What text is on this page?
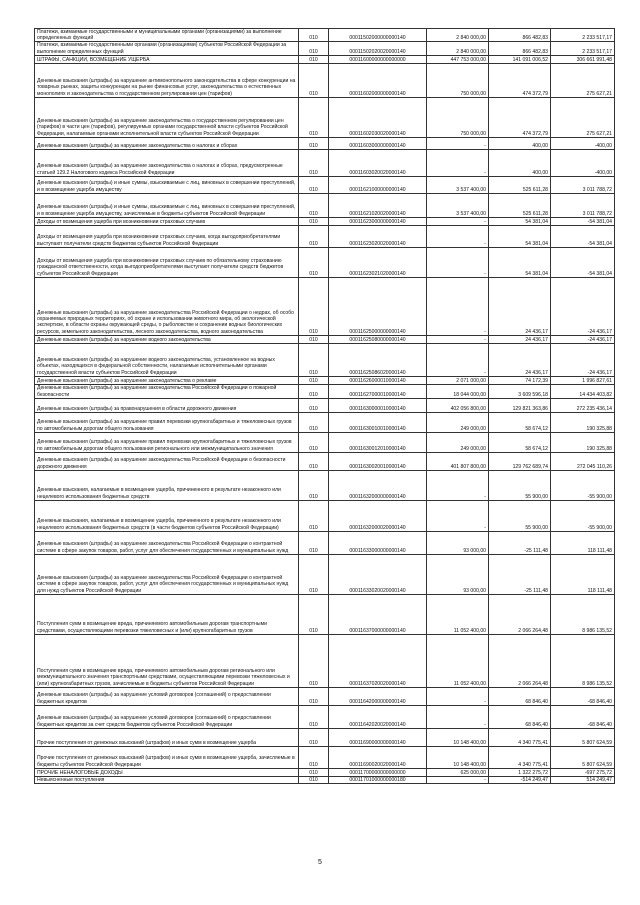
Платежи, взимаемые государственными и муниципальными органами (организациями) за выполнение определенных функций	010	00011502000000000140	2 840 000,00	866 482,83	2 233 517,17
Платежи, взимаемые государственными органами (организациями) субъектов Российской Федерации за выполнение определенных функций	010	00011502020020000140	2 840 000,00	866 482,83	2 233 517,17
ШТРАФЫ, САНКЦИИ, ВОЗМЕЩЕНИЕ УЩЕРБА	010	00011600000000000000	447 753 000,00	141 091 006,52	306 661 991,48
Денежные взыскания (штрафы) за нарушение антимонопольного законодательства в сфере конкуренции на товарных рынках, защиты конкуренции на рынке финансовых услуг, законодательства о естественных монополиях и законодательства о государственном регулировании цен (тарифов)	010	00011602000000000140	750 000,00	474 372,79	275 627,21
Денежные взыскания (штрафы) за нарушение законодательства о государственном регулировании цен (тарифов) в части цен (тарифов), регулируемых органами государственной власти субъектов Российской Федерации, налагаемые органами исполнительной власти субъектов Российской Федерации	010	00011602030020000140	750 000,00	474 372,79	275 627,21
Денежные взыскания (штрафы) за нарушение законодательства о налогах и сборах	010	00011603000000000140	-	400,00	-400,00
Денежные взыскания (штрафы) за нарушение законодательства о налогах и сборах, предусмотренные статьей 129.2 Налогового кодекса Российской Федерации	010	00011603020020000140	-	400,00	-400,00
Денежные взыскания (штрафы) и иные суммы, взыскиваемые с лиц, виновных в совершении преступлений, и в возмещение ущерба имуществу	010	00011621000000000140	3 537 400,00	525 611,28	3 011 788,72
Денежные взыскания (штрафы) и иные суммы, взыскиваемые с лиц, виновных в совершении преступлений, и в возмещение ущерба имуществу, зачисляемые в бюджеты субъектов Российской Федерации	010	00011621020020000140	3 537 400,00	525 611,28	3 011 788,72
Доходы от возмещения ущерба при возникновении страховых случаев	010	00011623000000000140	-	54 381,04	-54 381,04
Доходы от возмещения ущерба при возникновении страховых случаев, когда выгодоприобретателями выступают получатели средств бюджетов субъектов Российской Федерации	010	00011623020020000140	-	54 381,04	-54 381,04
Доходы от возмещения ущерба при возникновении страховых случаев по обязательному страхованию гражданской ответственности, когда выгодоприобретателями выступают получатели средств бюджетов субъектов Российской Федерации	010	00011623021020000140	-	54 381,04	-54 381,04
Денежные взыскания (штрафы) за нарушение законодательства Российской Федерации о недрах, об особо охраняемых природных территориях, об охране и использовании животного мира, об экологической экспертизе, в области охраны окружающей среды, о рыболовстве и сохранении водных биологических ресурсов, земельного законодательства, лесного законодательства, водного законодательства	010	00011625000000000140	-	24 436,17	-24 436,17
Денежные взыскания (штрафы) за нарушение водного законодательства	010	00011625080000000140	-	24 436,17	-24 436,17
Денежные взыскания (штрафы) за нарушение водного законодательства, установленное на водных объектах, находящихся в федеральной собственности, налагаемые исполнительными органами государственной власти субъектов Российской Федерации	010	00011625086020000140	-	24 436,17	-24 436,17
Денежные взыскания (штрафы) за нарушение законодательства о рекламе	010	00011626000010000140	2 071 000,00	74 172,39	1 996 827,61
Денежные взыскания (штрафы) за нарушение законодательства Российской Федерации о пожарной безопасности	010	00011627000010000140	18 044 000,00	3 609 596,18	14 434 403,82
Денежные взыскания (штрафы) за правонарушения в области дорожного движения	010	00011630000010000140	402 056 800,00	129 821 363,86	272 235 436,14
Денежные взыскания (штрафы) за нарушение правил перевозки крупногабаритных и тяжеловесных грузов по автомобильным дорогам общего пользования	010	00011630010010000140	249 000,00	58 674,12	190 325,88
Денежные взыскания (штрафы) за нарушение правил перевозки крупногабаритных и тяжеловесных грузов по автомобильным дорогам общего пользования регионального или межмуниципального значения	010	00011630012010000140	249 000,00	58 674,12	190 325,88
Денежные взыскания (штрафы) за нарушение законодательства Российской Федерации о безопасности дорожного движения	010	00011630020010000140	401 807 800,00	129 762 689,74	272 045 110,26
Денежные взыскания, налагаемые в возмещение ущерба, причиненного в результате незаконного или нецелевого использования бюджетных средств	010	00011632000000000140	-	55 900,00	-55 900,00
Денежные взыскания, налагаемые в возмещение ущерба, причиненного в результате незаконного или нецелевого использования бюджетных средств (в части бюджетов субъектов Российской Федерации)	010	00011632000020000140	-	55 900,00	-55 900,00
Денежные взыскания (штрафы) за нарушение законодательства Российской Федерации о контрактной системе в сфере закупок товаров, работ, услуг для обеспечения государственных и муниципальных нужд	010	00011633000000000140	93 000,00	-25 111,48	118 111,48
Денежные взыскания (штрафы) за нарушение законодательства Российской Федерации о контрактной системе в сфере закупок товаров, работ, услуг для обеспечения государственных и муниципальных нужд для нужд субъектов Российской Федерации	010	00011633020020000140	93 000,00	-25 111,48	118 111,48
Поступления сумм в возмещение вреда, причиняемого автомобильным дорогам транспортными средствами, осуществляющими перевозки тяжеловесных и (или) крупногабаритных грузов	010	00011637000000000140	11 052 400,00	2 066 264,48	8 986 135,52
Поступления сумм в возмещение вреда, причиняемого автомобильным дорогам регионального или межмуниципального значения транспортными средствами, осуществляющими перевозки тяжеловесных и (или) крупногабаритных грузов, зачисляемые в бюджеты субъектов Российской Федерации	010	00011637020020000140	11 052 400,00	2 066 264,48	8 986 135,52
Денежные взыскания (штрафы) за нарушение условий договоров (соглашений) о предоставлении бюджетных кредитов	010	00011642000000000140	-	68 846,40	-68 846,40
Денежные взыскания (штрафы) за нарушение условий договоров (соглашений) о предоставлении бюджетных кредитов за счет средств бюджетов субъектов Российской Федерации	010	00011642020020000140	-	68 846,40	-68 846,40
Прочие поступления от денежных взысканий (штрафов) и иных сумм в возмещение ущерба	010	00011690000000000140	10 148 400,00	4 340 775,41	5 807 624,59
Прочие поступления от денежных взысканий (штрафов) и иных сумм в возмещение ущерба, зачисляемые в бюджеты субъектов Российской Федерации	010	00011690020020000140	10 148 400,00	4 340 775,41	5 807 624,59
ПРОЧИЕ НЕНАЛОГОВЫЕ ДОХОДЫ	010	00011700000000000000	625 000,00	1 322 275,72	-697 275,72
Невыясненные поступления	010	00011701000000000180	-	-514 249,47	514 249,47
5
